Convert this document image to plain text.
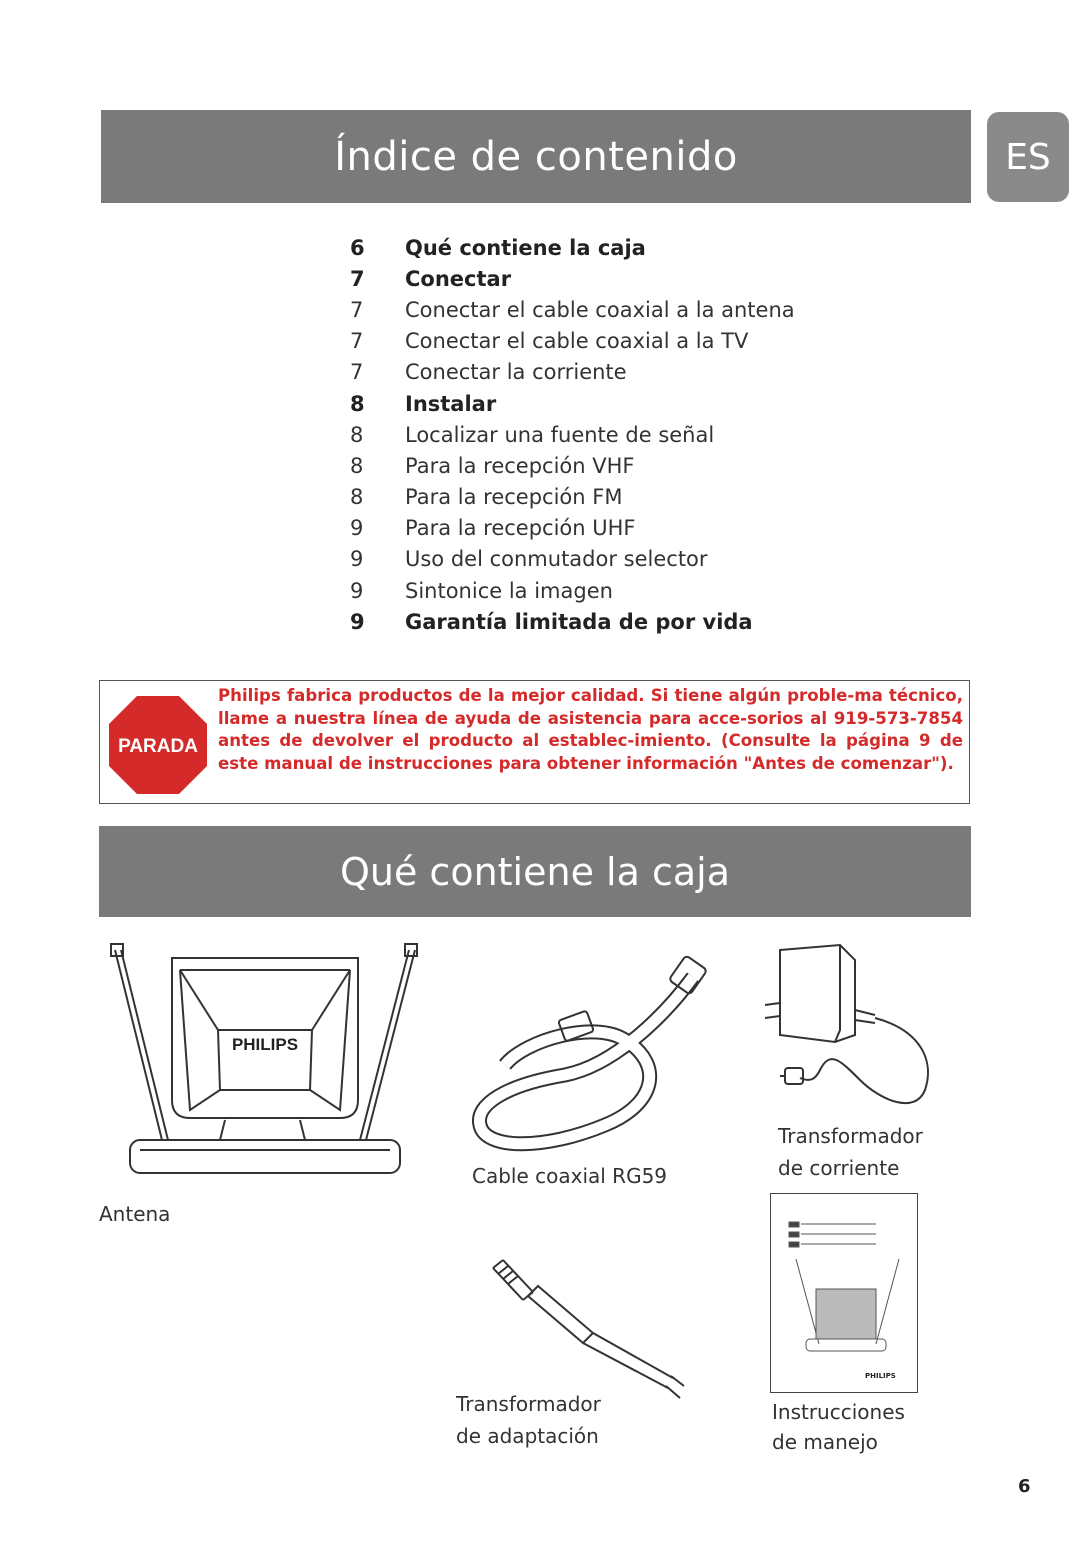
Índice de contenido	ES
6	Qué contiene la caja
7	Conectar
7	Conectar el cable coaxial a la antena
7	Conectar el cable coaxial a la TV
7	Conectar la corriente
8	Instalar
8	Localizar una fuente de señal
8	Para la recepción VHF
8	Para la recepción FM
9	Para la recepción UHF
9	Uso del conmutador selector
9	Sintonice la imagen
9	Garantía limitada de por vida
PARADA
Philips fabrica productos de la mejor calidad. Si tiene algún proble-ma técnico, llame a nuestra línea de ayuda de asistencia para acce-sorios al 919-573-7854 antes de devolver el producto al establec-imiento. (Consulte la página 9 de este manual de instrucciones para obtener información "Antes de comenzar").
Qué contiene la caja
PHILIPS
Antena
Cable coaxial RG59
Transformador
de corriente
PHILIPS
Instrucciones
de manejo
Transformador
de adaptación
6
